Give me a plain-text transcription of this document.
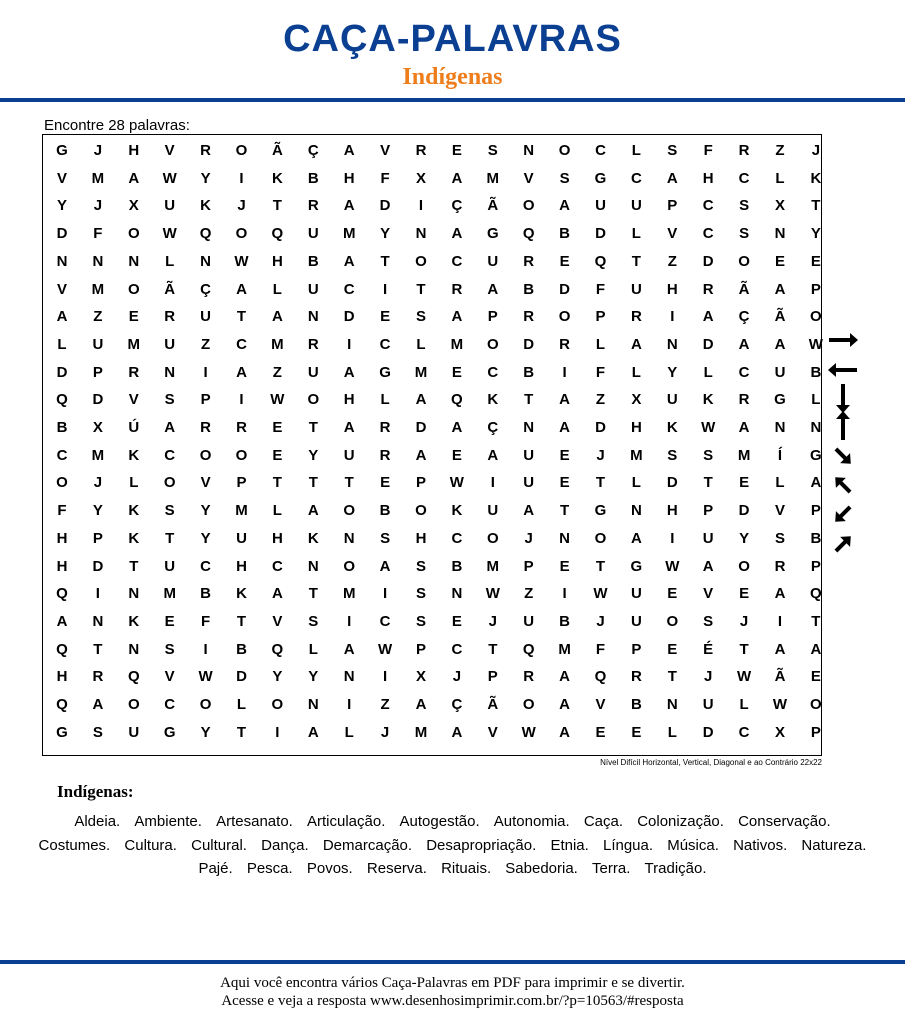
CAÇA-PALAVRAS
Indígenas
Encontre 28 palavras:
G	J	H	V	R	O	Ã	Ç	A	V	R	E	S	N	O	C	L	S	F	R	Z	J
V	M	A	W	Y	I	K	B	H	F	X	A	M	V	S	G	C	A	H	C	L	K
Y	J	X	U	K	J	T	R	A	D	I	Ç	Ã	O	A	U	U	P	C	S	X	T
D	F	O	W	Q	O	Q	U	M	Y	N	A	G	Q	B	D	L	V	C	S	N	Y
N	N	N	L	N	W	H	B	A	T	O	C	U	R	E	Q	T	Z	D	O	E	E
V	M	O	Ã	Ç	A	L	U	C	I	T	R	A	B	D	F	U	H	R	Ã	A	P
A	Z	E	R	U	T	A	N	D	E	S	A	P	R	O	P	R	I	A	Ç	Ã	O
L	U	M	U	Z	C	M	R	I	C	L	M	O	D	R	L	A	N	D	A	A	W
D	P	R	N	I	A	Z	U	A	G	M	E	C	B	I	F	L	Y	L	C	U	B
Q	D	V	S	P	I	W	O	H	L	A	Q	K	T	A	Z	X	U	K	R	G	L
B	X	Ú	A	R	R	E	T	A	R	D	A	Ç	N	A	D	H	K	W	A	N	N
C	M	K	C	O	O	E	Y	U	R	A	E	A	U	E	J	M	S	S	M	Í	G
O	J	L	O	V	P	T	T	T	E	P	W	I	U	E	T	L	D	T	E	L	A
F	Y	K	S	Y	M	L	A	O	B	O	K	U	A	T	G	N	H	P	D	V	P
H	P	K	T	Y	U	H	K	N	S	H	C	O	J	N	O	A	I	U	Y	S	B
H	D	T	U	C	H	C	N	O	A	S	B	M	P	E	T	G	W	A	O	R	P
Q	I	N	M	B	K	A	T	M	I	S	N	W	Z	I	W	U	E	V	E	A	Q
A	N	K	E	F	T	V	S	I	C	S	E	J	U	B	J	U	O	S	J	I	T
Q	T	N	S	I	B	Q	L	A	W	P	C	T	Q	M	F	P	E	É	T	A	A
H	R	Q	V	W	D	Y	Y	N	I	X	J	P	R	A	Q	R	T	J	W	Ã	E
Q	A	O	C	O	L	O	N	I	Z	A	Ç	Ã	O	A	V	B	N	U	L	W	O
G	S	U	G	Y	T	I	A	L	J	M	A	V	W	A	E	E	L	D	C	X	P
Nível Difícil Horizontal, Vertical, Diagonal e ao Contrário 22x22
Indígenas:
Aldeia. Ambiente. Artesanato. Articulação. Autogestão. Autonomia. Caça. Colonização. Conservação. Costumes. Cultura. Cultural. Dança. Demarcação. Desapropriação. Etnia. Língua. Música. Nativos. Natureza. Pajé. Pesca. Povos. Reserva. Rituais. Sabedoria. Terra. Tradição.
Aqui você encontra vários Caça-Palavras em PDF para imprimir e se divertir.
Acesse e veja a resposta www.desenhosimprimir.com.br/?p=10563/#resposta
